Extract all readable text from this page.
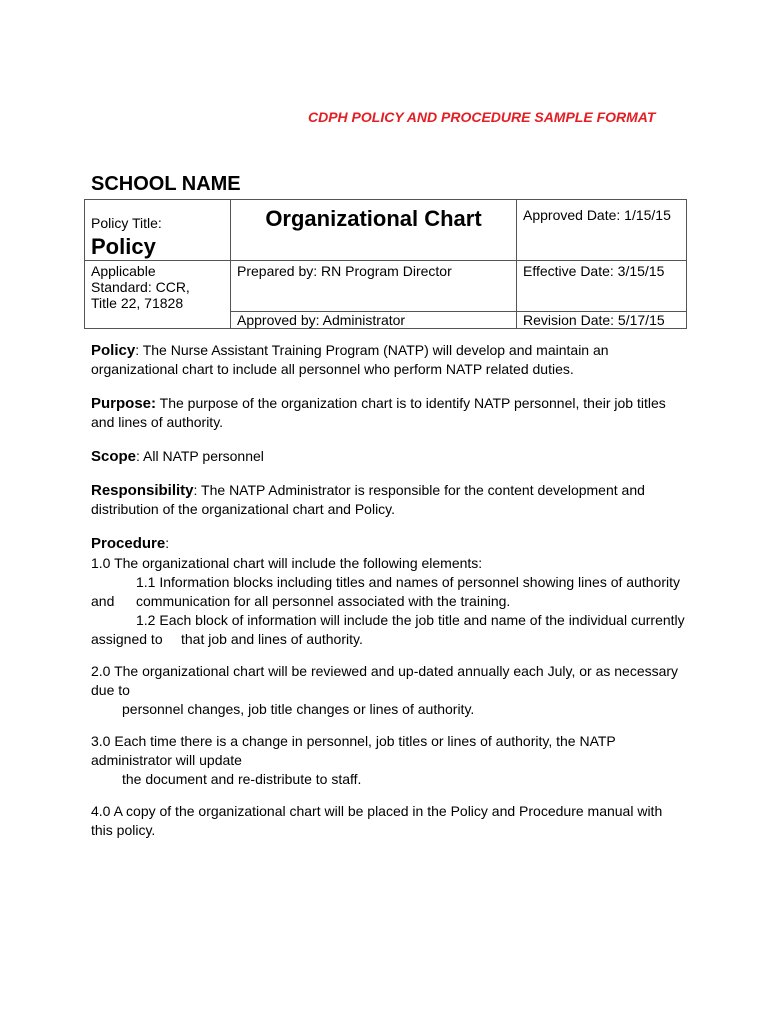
CDPH POLICY AND PROCEDURE SAMPLE FORMAT
SCHOOL NAME
Policy Title:
Policy	Organizational Chart	Approved Date: 1/15/15

Applicable
Standard: CCR,
Title 22, 71828	Prepared by: RN Program Director	Effective Date: 3/15/15

	Approved by: Administrator	Revision Date: 5/17/15
Policy: The Nurse Assistant Training Program (NATP) will develop and maintain an organizational chart to include all personnel who perform NATP related duties.
Purpose: The purpose of the organization chart is to identify NATP personnel, their job titles and lines of authority.
Scope: All NATP personnel
Responsibility: The NATP Administrator is responsible for the content development and distribution of the organizational chart and Policy.
Procedure:
1.0 The organizational chart will include the following elements:
1.1 Information blocks including titles and names of personnel showing lines of authority
and communication for all personnel associated with the training.
1.2 Each block of information will include the job title and name of the individual currently
assigned to that job and lines of authority.
2.0 The organizational chart will be reviewed and up-dated annually each July, or as necessary
due to
personnel changes, job title changes or lines of authority.
3.0 Each time there is a change in personnel, job titles or lines of authority, the NATP
administrator will update
the document and re-distribute to staff.
4.0 A copy of the organizational chart will be placed in the Policy and Procedure manual with
this policy.
